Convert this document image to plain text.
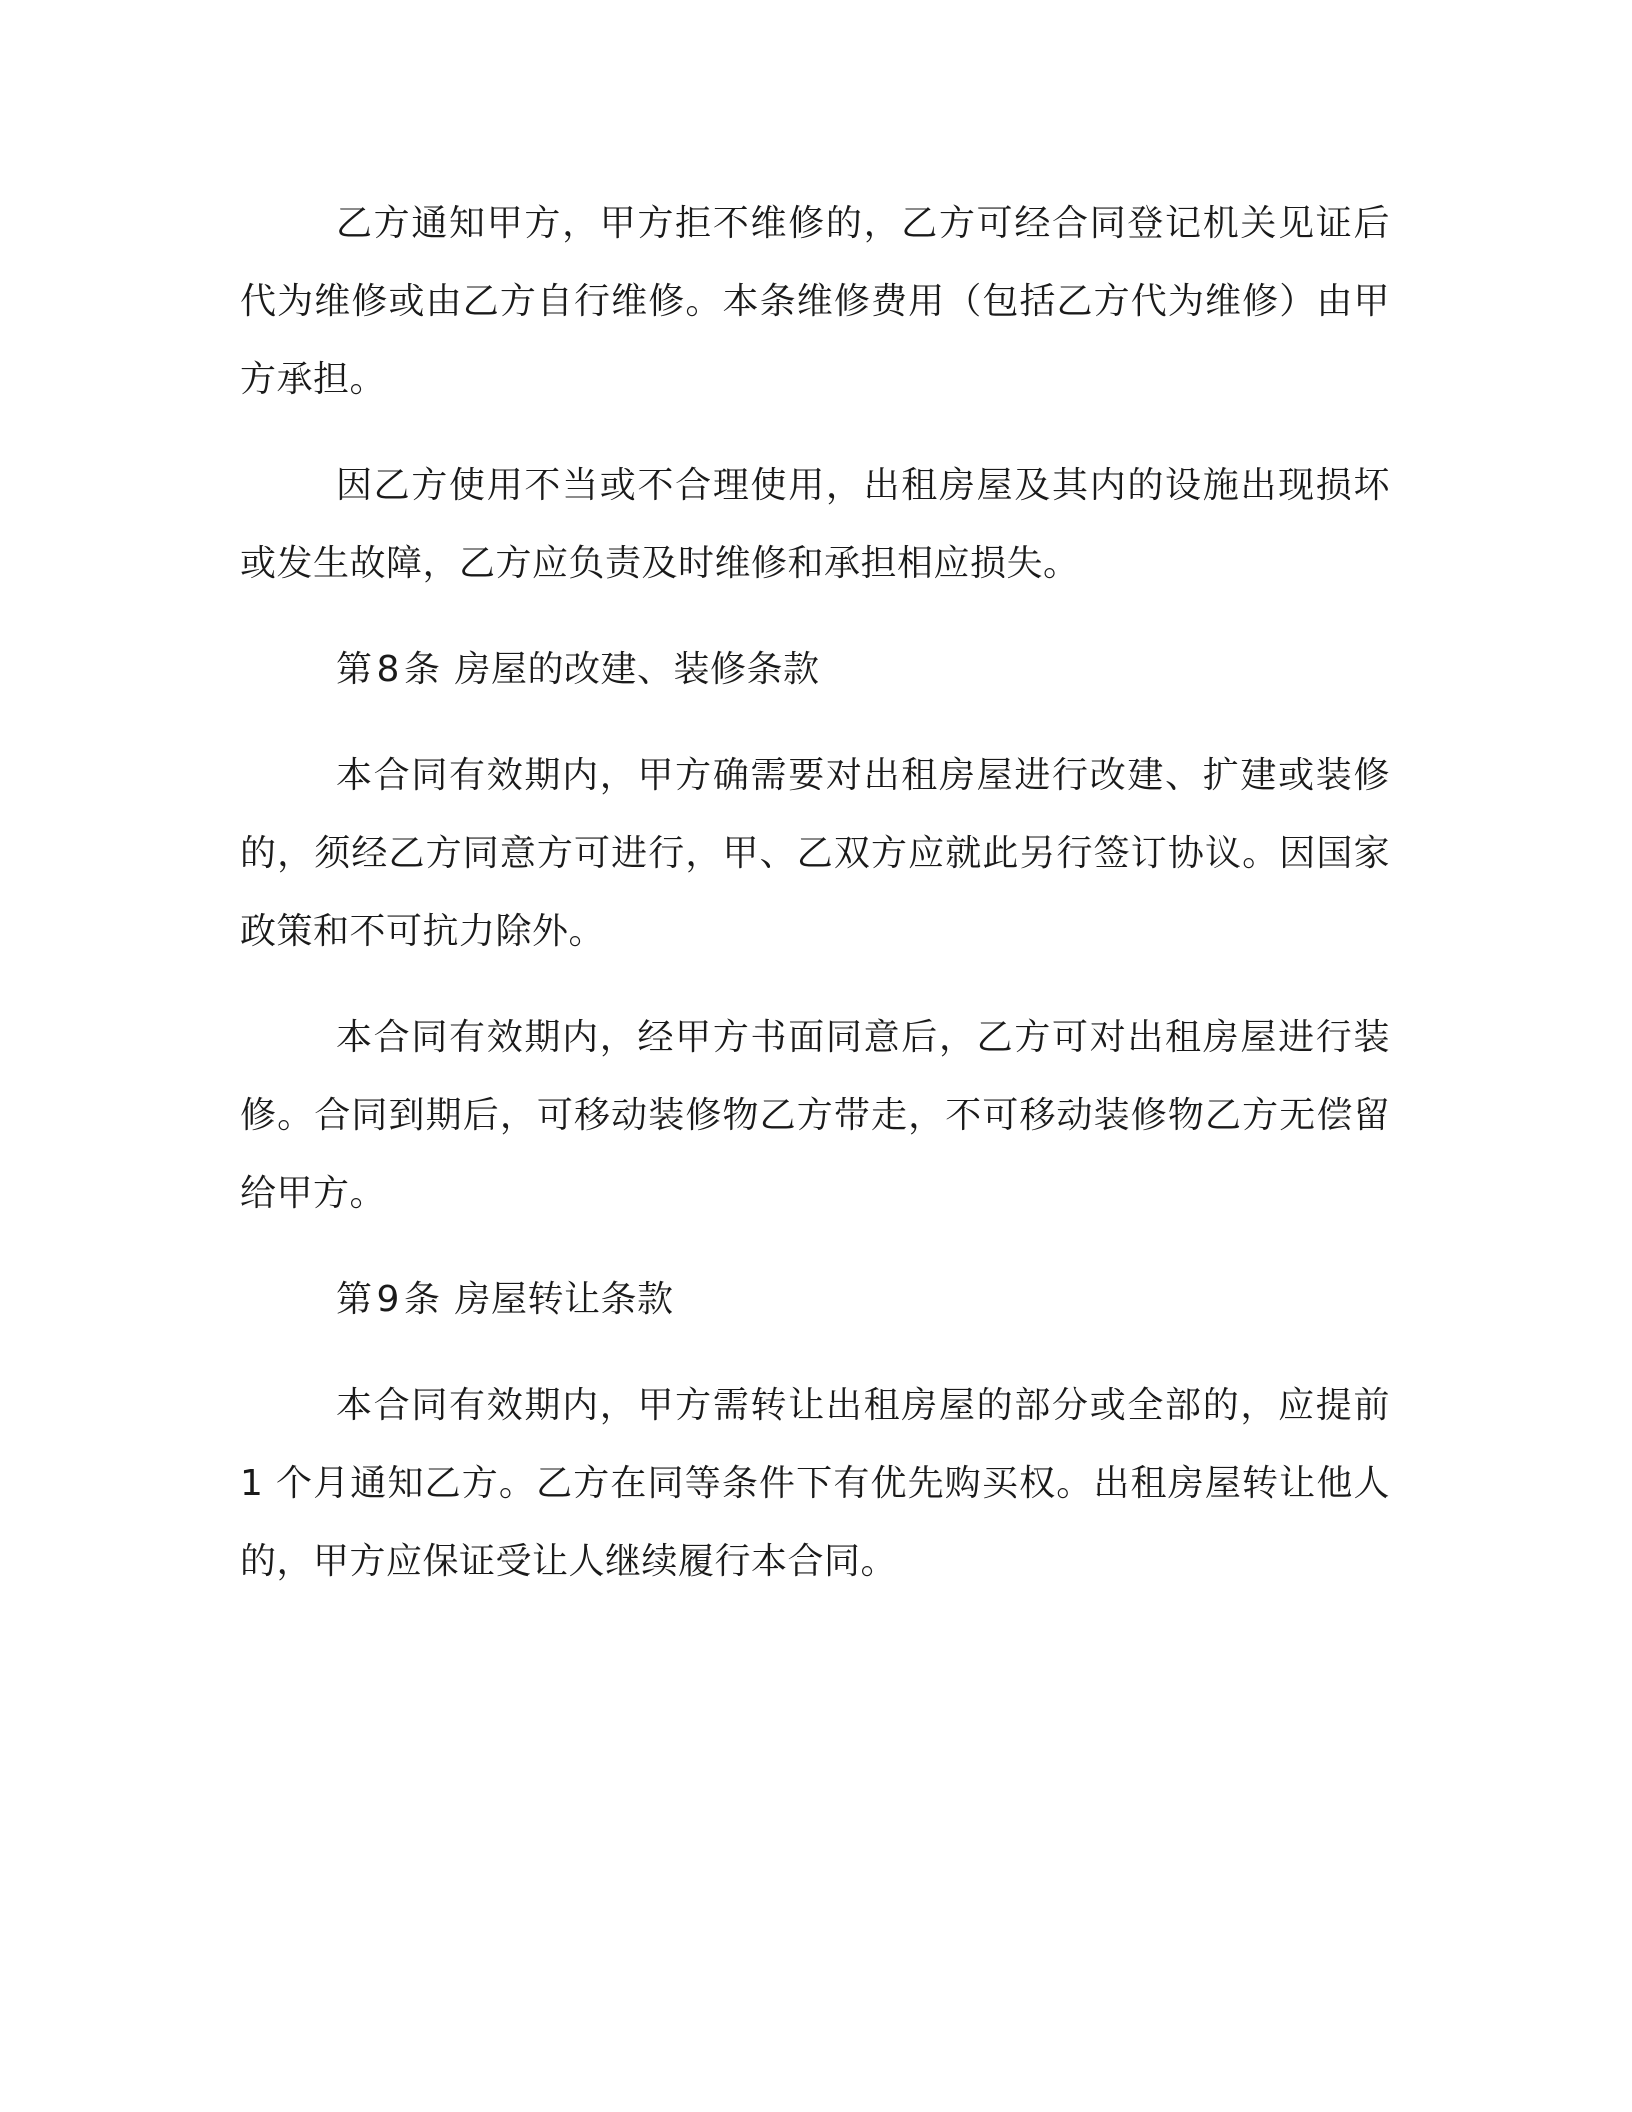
乙方通知甲方，甲方拒不维修的，乙方可经合同登记机关见证后代为维修或由乙方自行维修。本条维修费用（包括乙方代为维修）由甲方承担。

因乙方使用不当或不合理使用，出租房屋及其内的设施出现损坏或发生故障，乙方应负责及时维修和承担相应损失。

第 8 条 房屋的改建、装修条款

本合同有效期内，甲方确需要对出租房屋进行改建、扩建或装修的，须经乙方同意方可进行，甲、乙双方应就此另行签订协议。因国家政策和不可抗力除外。

本合同有效期内，经甲方书面同意后，乙方可对出租房屋进行装修。合同到期后，可移动装修物乙方带走，不可移动装修物乙方无偿留给甲方。

第 9 条 房屋转让条款

本合同有效期内，甲方需转让出租房屋的部分或全部的，应提前 1 个月通知乙方。乙方在同等条件下有优先购买权。出租房屋转让他人的，甲方应保证受让人继续履行本合同。
